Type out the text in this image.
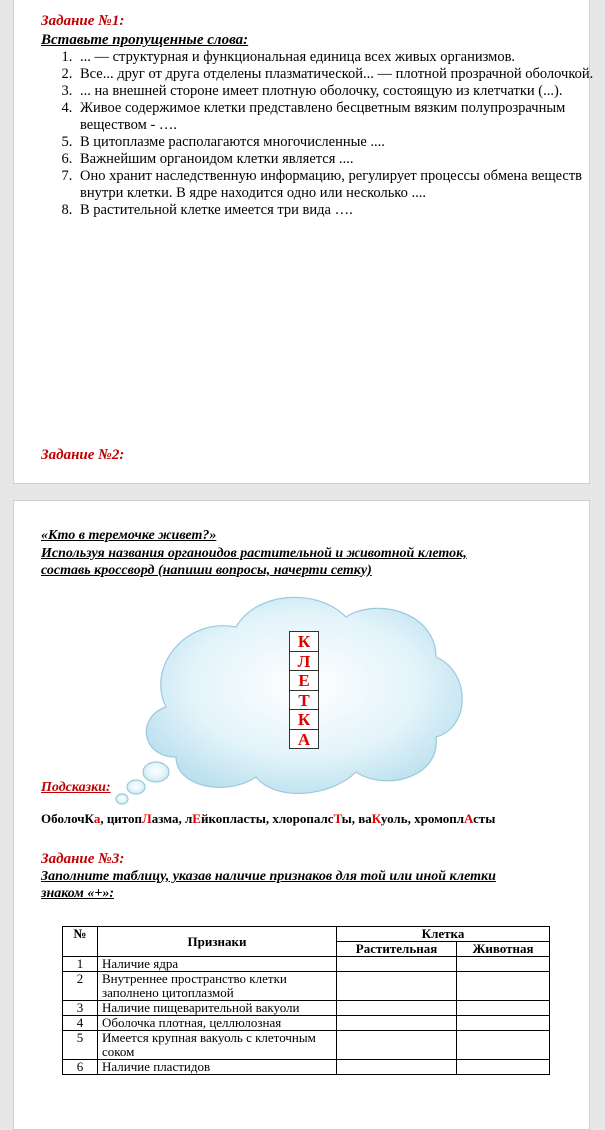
Задание №1:
Вставьте пропущенные слова:
1. ... — структурная и функциональная единица всех живых организмов.
2. Все... друг от друга отделены плазматической... — плотной прозрачной оболочкой.
3. ... на внешней стороне имеет плотную оболочку, состоящую из клетчатки (...).
4. Живое содержимое клетки представлено бесцветным вязким полупрозрачным веществом - ….
5. В цитоплазме располагаются многочисленные ....
6. Важнейшим органоидом клетки является ....
7. Оно хранит наследственную информацию, регулирует процессы обмена веществ внутри клетки. В ядре находится одно или несколько ....
8. В растительной клетке имеется три вида ….
Задание №2:
«Кто в теремочке живет?»
Используя названия органоидов растительной и животной клеток,
составь кроссворд (напиши вопросы, начерти сетку)
К
Л
Е
Т
К
А
Подсказки:
ОболочКа, цитопЛазма, лЕйкопласты, хлоропалсТы, ваКуоль, хромоплАсты
Задание №3:
Заполните таблицу, указав наличие признаков для той или иной клетки
знаком «+»:
№	Признаки	Клетка	
		Растительная	Животная
1	Наличие ядра		
2	Внутреннее пространство клетки заполнено цитоплазмой		
3	Наличие пищеварительной вакуоли		
4	Оболочка плотная, целлюлозная		
5	Имеется крупная вакуоль с клеточным соком		
6	Наличие пластидов		
